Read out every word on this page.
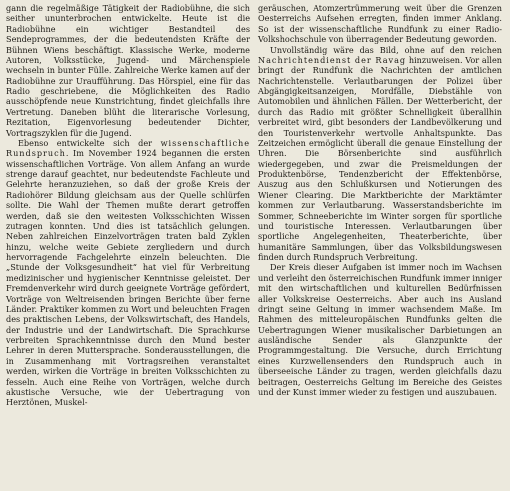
gann die regelmäßige Tätigkeit der Radiobühne, die sich seither ununterbrochen entwickelte. Heute ist die Radiobühne ein wichtiger Bestandteil des Sendeprogrammes, der die bedeutendsten Kräfte der Bühnen Wiens beschäftigt. Klassische Werke, moderne Autoren, Volksstücke, Jugend- und Märchenspiele wechseln in bunter Fülle. Zahlreiche Werke kamen auf der Radiobühne zur Uraufführung. Das Hörspiel, eine für das Radio geschriebene, die Möglichkeiten des Radio ausschöpfende neue Kunstrichtung, findet gleichfalls ihre Vertretung. Daneben blüht die literarische Vorlesung, Rezitation, Eigenvorlesung bedeutender Dichter, Vortragszyklen für die Jugend.

Ebenso entwickelte sich der wissenschaftliche Rundspruch. Im November 1924 begannen die ersten wissenschaftlichen Vorträge. Von allem Anfang an wurde strenge darauf geachtet, nur bedeutendste Fachleute und Gelehrte heranzuziehen, so daß der große Kreis der Radiohörer Bildung gleichsam aus der Quelle schlürfen sollte. Die Wahl der Themen mußte derart getroffen werden, daß sie den weitesten Volksschichten Wissen zutragen konnten. Und dies ist tatsächlich gelungen. Neben zahlreichen Einzelvorträgen traten bald Zyklen hinzu, welche weite Gebiete zergliedern und durch hervorragende Fachgelehrte einzeln beleuchten. Die „Stunde der Volksgesundheit“ hat viel für Verbreitung medizinischer und hygienischer Kenntnisse geleistet. Der Fremdenverkehr wird durch geeignete Vorträge gefördert, Vorträge von Weltreisenden bringen Berichte über ferne Länder. Praktiker kommen zu Wort und beleuchten Fragen des praktischen Lebens, der Volkswirtschaft, des Handels, der Industrie und der Landwirtschaft. Die Sprachkurse verbreiten Sprachkenntnisse durch den Mund bester Lehrer in deren Muttersprache. Sonderausstellungen, die in Zusammenhang mit Vortragsreihen veranstaltet werden, wirken die Vorträge in breiten Volksschichten zu fesseln. Auch eine Reihe von Vorträgen, welche durch akustische Versuche, wie der Uebertragung von Herztönen, Muskel-

geräuschen, Atomzertrümmerung weit über die Grenzen Oesterreichs Aufsehen erregten, finden immer Anklang. So ist der wissenschaftliche Rundfunk zu einer Radio-Volkshochschule von überragender Bedeutung geworden.

Unvollständig wäre das Bild, ohne auf den reichen Nachrichtendienst der Ravag hinzuweisen. Vor allen bringt der Rundfunk die Nachrichten der amtlichen Nachrichtenstelle. Verlautbarungen der Polizei über Abgängigkeitsanzeigen, Mordfälle, Diebstähle von Automobilen und ähnlichen Fällen. Der Wetterbericht, der durch das Radio mit größter Schnelligkeit überallhin verbreitet wird, gibt besonders der Landbevölkerung und den Touristenverkehr wertvolle Anhaltspunkte. Das Zeitzeichen ermöglicht überall die genaue Einstellung der Uhren. Die Börsenberichte sind ausführlich wiedergegeben, und zwar die Preismeldungen der Produktenbörse, Tendenzbericht der Effektenbörse, Auszug aus den Schlußkursen und Notierungen des Wiener Clearing. Die Marktberichte der Marktämter kommen zur Verlautbarung. Wasserstandsberichte im Sommer, Schneeberichte im Winter sorgen für sportliche und touristische Interessen. Verlautbarungen über sportliche Angelegenheiten, Theaterberichte, über humanitäre Sammlungen, über das Volksbildungswesen finden durch Rundspruch Verbreitung.

Der Kreis dieser Aufgaben ist immer noch im Wachsen und verleiht den österreichischen Rundfunk immer inniger mit den wirtschaftlichen und kulturellen Bedürfnissen aller Volkskreise Oesterreichs. Aber auch ins Ausland dringt seine Geltung in immer wachsendem Maße. Im Rahmen des mitteleuropäischen Rundfunks gelten die Uebertragungen Wiener musikalischer Darbietungen an ausländische Sender als Glanzpunkte der Programmgestaltung. Die Versuche, durch Errichtung eines Kurzwellensenders den Rundspruch auch in überseeische Länder zu tragen, werden gleichfalls dazu beitragen, Oesterreichs Geltung im Bereiche des Geistes und der Kunst immer wieder zu festigen und auszubauen.
